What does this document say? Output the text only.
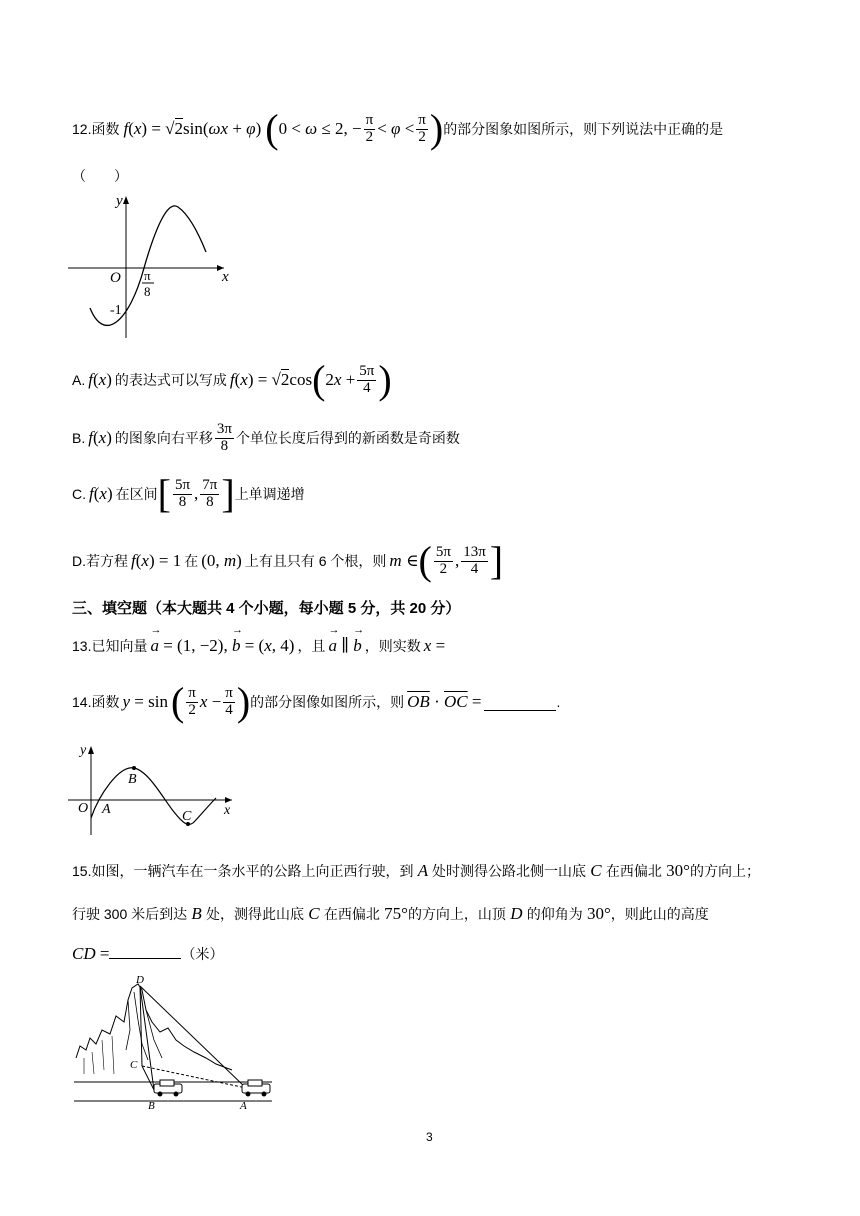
12. 函数 f(x) = √2sin(ωx + φ) ( 0 < ω ≤ 2, − $\frac{\pi}{2} < \varphi < \frac{\pi}{2}$ ) 的部分图象如图所示，则下列说法中正确的是
（　　）
y
x
O π
8
-1
A. f(x) 的表达式可以写成 f(x) = √2cos ( $2x + \frac{5\pi}{4}$ )
B. f(x) 的图象向右平移 $\frac{3\pi}{8}$ 个单位长度后得到的新函数是奇函数
C. f(x) 在区间 [ $\frac{5\pi}{8}$ , $\frac{7\pi}{8}$ ] 上单调递增
D. 若方程 f(x) = 1 在 (0, m) 上有且只有 6 个根，则 m ∈ ( $\frac{5\pi}{2}$ , $\frac{13\pi}{4}$ ]
三、填空题（本大题共 4 个小题，每小题 5 分，共 20 分）
13. 已知向量 → a = (1, −2), → b = (x, 4) ，且 → a ∥ → b ，则实数 x =
14. 函数 y = sin ( $\frac{\pi}{2}$ $x - \frac{\pi}{4}$ ) 的部分图像如图所示，则 $\overline{OB} \cdot \overline{OC}$ =	.
y
x
O A
B
C
15.如图，一辆汽车在一条水平的公路上向正西行驶，到 A 处时测得公路北侧一山底 C 在西偏北 30°的方向上；
行驶 300 米后到达 B 处，测得此山底 C 在西偏北 75°的方向上，山顶 D 的仰角为 30°，则此山的高度
CD =	（米）
D
C
B	A
3
